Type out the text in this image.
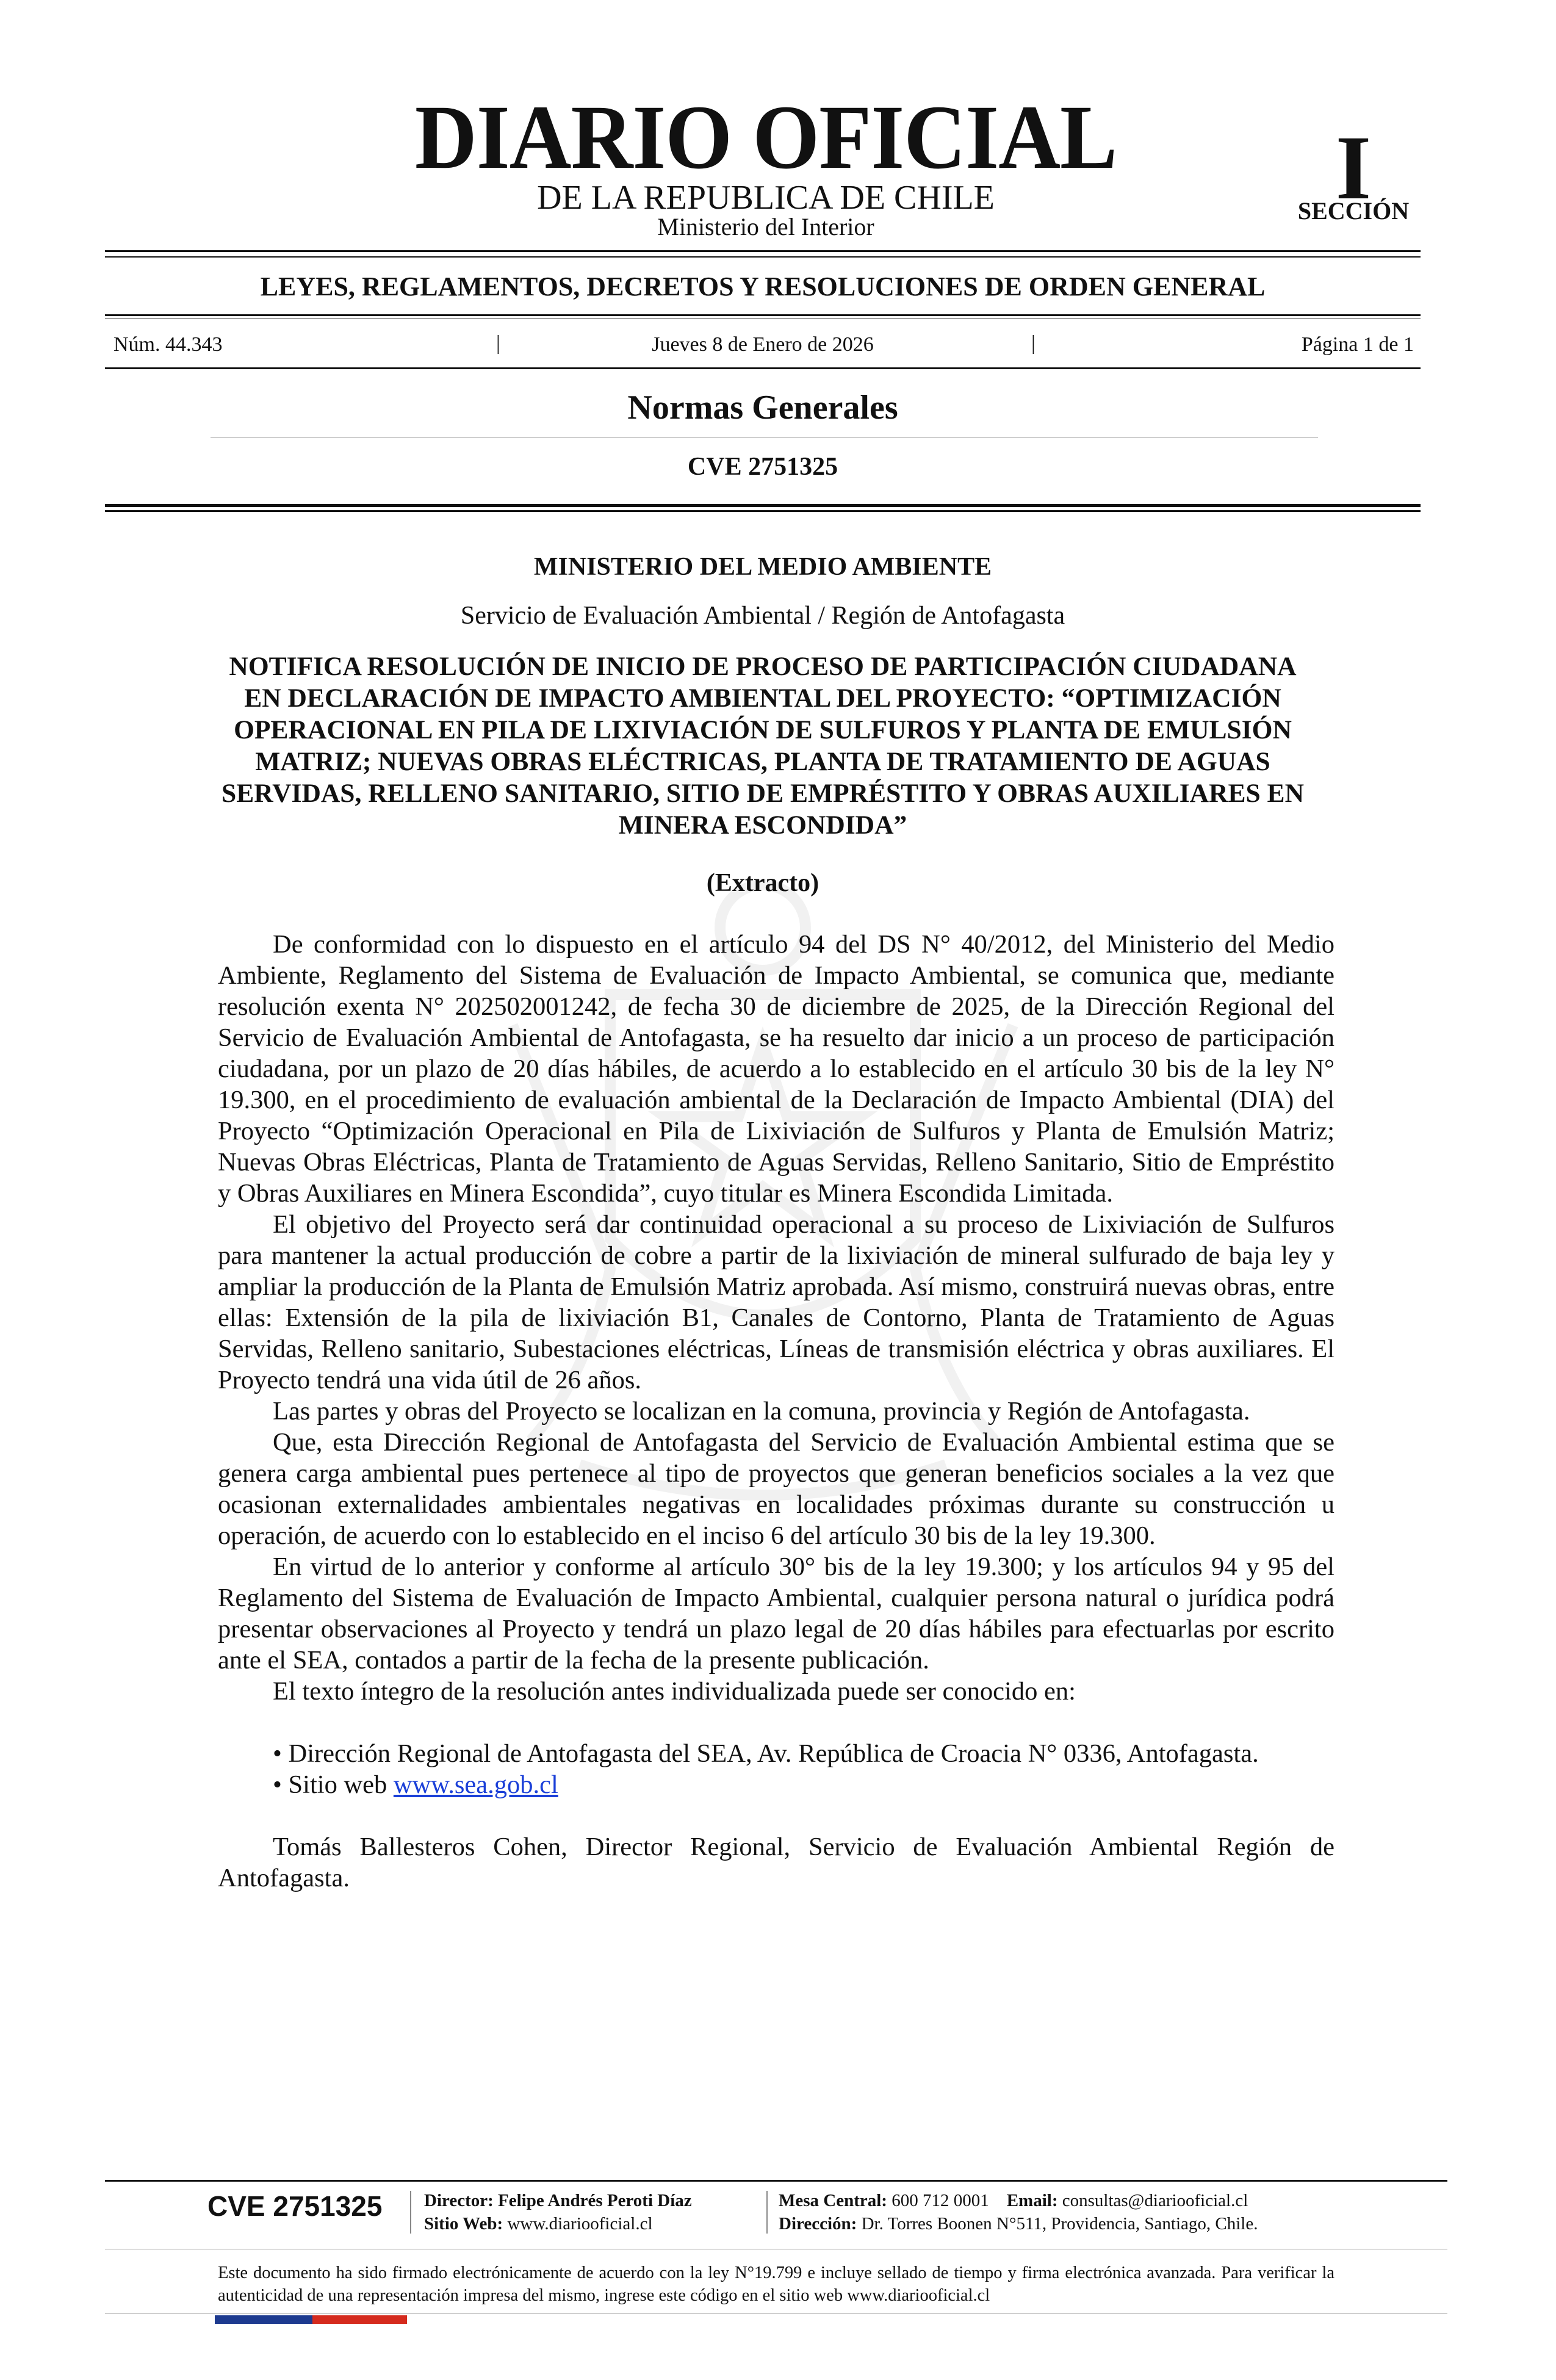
DIARIO OFICIAL
DE LA REPUBLICA DE CHILE
Ministerio del Interior
I
SECCIÓN
LEYES, REGLAMENTOS, DECRETOS Y RESOLUCIONES DE ORDEN GENERAL
Núm. 44.343	|	Jueves 8 de Enero de 2026	|	Página 1 de 1
Normas Generales
CVE 2751325
MINISTERIO DEL MEDIO AMBIENTE
Servicio de Evaluación Ambiental / Región de Antofagasta
NOTIFICA RESOLUCIÓN DE INICIO DE PROCESO DE PARTICIPACIÓN CIUDADANA EN DECLARACIÓN DE IMPACTO AMBIENTAL DEL PROYECTO: “OPTIMIZACIÓN OPERACIONAL EN PILA DE LIXIVIACIÓN DE SULFUROS Y PLANTA DE EMULSIÓN MATRIZ; NUEVAS OBRAS ELÉCTRICAS, PLANTA DE TRATAMIENTO DE AGUAS SERVIDAS, RELLENO SANITARIO, SITIO DE EMPRÉSTITO Y OBRAS AUXILIARES EN MINERA ESCONDIDA”
(Extracto)

De conformidad con lo dispuesto en el artículo 94 del DS N° 40/2012, del Ministerio del Medio Ambiente, Reglamento del Sistema de Evaluación de Impacto Ambiental, se comunica que, mediante resolución exenta N° 202502001242, de fecha 30 de diciembre de 2025, de la Dirección Regional del Servicio de Evaluación Ambiental de Antofagasta, se ha resuelto dar inicio a un proceso de participación ciudadana, por un plazo de 20 días hábiles, de acuerdo a lo establecido en el artículo 30 bis de la ley N° 19.300, en el procedimiento de evaluación ambiental de la Declaración de Impacto Ambiental (DIA) del Proyecto “Optimización Operacional en Pila de Lixiviación de Sulfuros y Planta de Emulsión Matriz; Nuevas Obras Eléctricas, Planta de Tratamiento de Aguas Servidas, Relleno Sanitario, Sitio de Empréstito y Obras Auxiliares en Minera Escondida”, cuyo titular es Minera Escondida Limitada.

El objetivo del Proyecto será dar continuidad operacional a su proceso de Lixiviación de Sulfuros para mantener la actual producción de cobre a partir de la lixiviación de mineral sulfurado de baja ley y ampliar la producción de la Planta de Emulsión Matriz aprobada. Así mismo, construirá nuevas obras, entre ellas: Extensión de la pila de lixiviación B1, Canales de Contorno, Planta de Tratamiento de Aguas Servidas, Relleno sanitario, Subestaciones eléctricas, Líneas de transmisión eléctrica y obras auxiliares. El Proyecto tendrá una vida útil de 26 años.

Las partes y obras del Proyecto se localizan en la comuna, provincia y Región de Antofagasta.

Que, esta Dirección Regional de Antofagasta del Servicio de Evaluación Ambiental estima que se genera carga ambiental pues pertenece al tipo de proyectos que generan beneficios sociales a la vez que ocasionan externalidades ambientales negativas en localidades próximas durante su construcción u operación, de acuerdo con lo establecido en el inciso 6 del artículo 30 bis de la ley 19.300.

En virtud de lo anterior y conforme al artículo 30° bis de la ley 19.300; y los artículos 94 y 95 del Reglamento del Sistema de Evaluación de Impacto Ambiental, cualquier persona natural o jurídica podrá presentar observaciones al Proyecto y tendrá un plazo legal de 20 días hábiles para efectuarlas por escrito ante el SEA, contados a partir de la fecha de la presente publicación.

El texto íntegro de la resolución antes individualizada puede ser conocido en:

• Dirección Regional de Antofagasta del SEA, Av. República de Croacia N° 0336, Antofagasta.

• Sitio web www.sea.gob.cl

Tomás Ballesteros Cohen, Director Regional, Servicio de Evaluación Ambiental Región de Antofagasta.

CVE 2751325 Director: Felipe Andrés Peroti Díaz
Sitio Web: www.diariooficial.cl
Mesa Central: 600 712 0001 Email: consultas@diariooficial.cl
Dirección: Dr. Torres Boonen N°511, Providencia, Santiago, Chile.
Este documento ha sido firmado electrónicamente de acuerdo con la ley N°19.799 e incluye sellado de tiempo y firma electrónica avanzada. Para verificar la autenticidad de una representación impresa del mismo, ingrese este código en el sitio web www.diariooficial.cl
